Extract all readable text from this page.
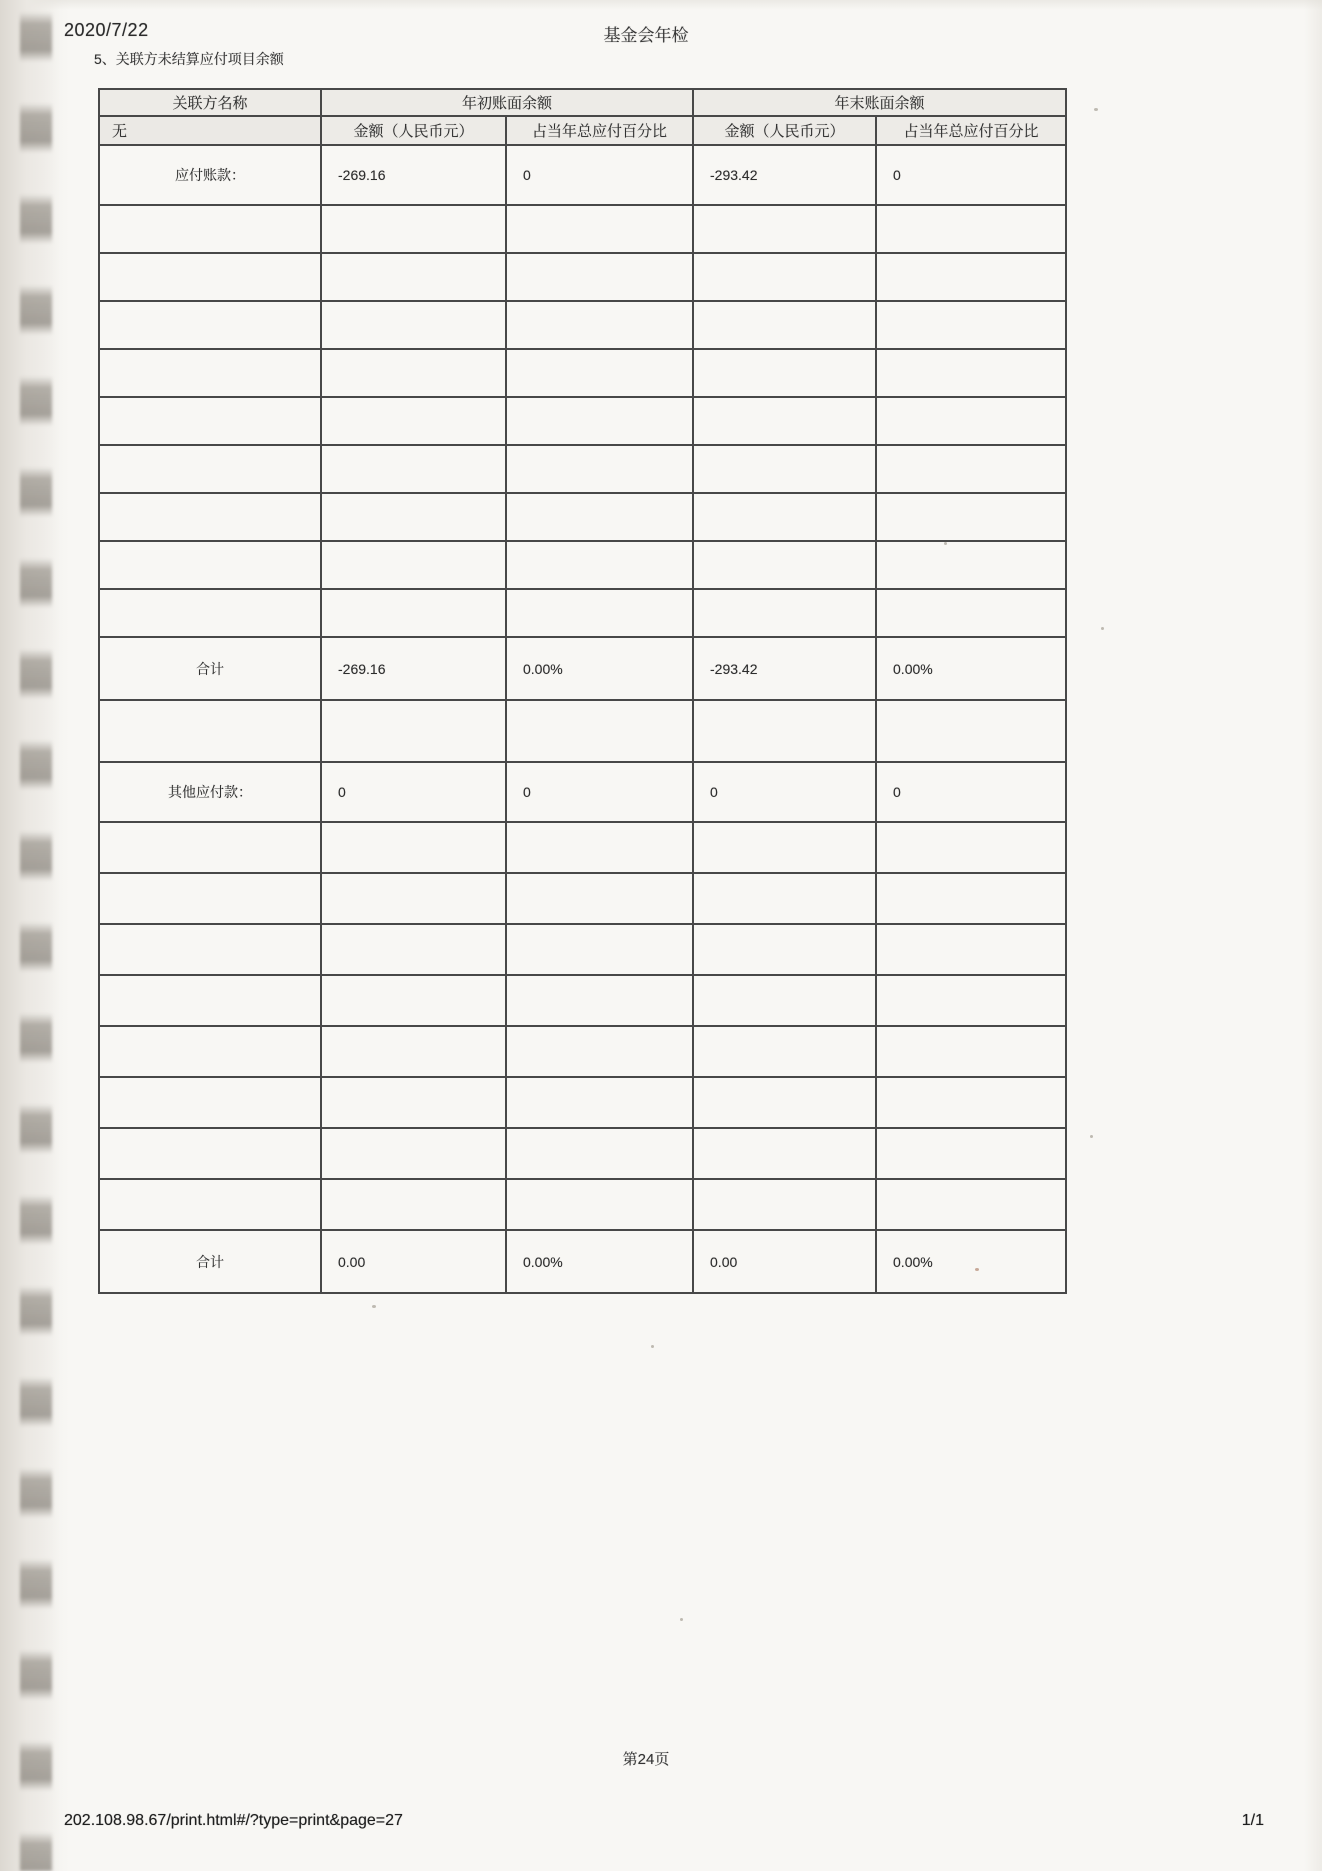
2020/7/22	基金会年检
5、关联方未结算应付项目余额
关联方名称	年初账面余额		年末账面余额	
无	金额（人民币元）	占当年总应付百分比	金额（人民币元）	占当年总应付百分比
应付账款：	-269.16	0	-293.42	0

合计	-269.16	0.00%	-293.42	0.00%

其他应付款：	0	0	0	0

合计	0.00	0.00%	0.00	0.00%
第24页
202.108.98.67/print.html#/?type=print&page=27	1/1
